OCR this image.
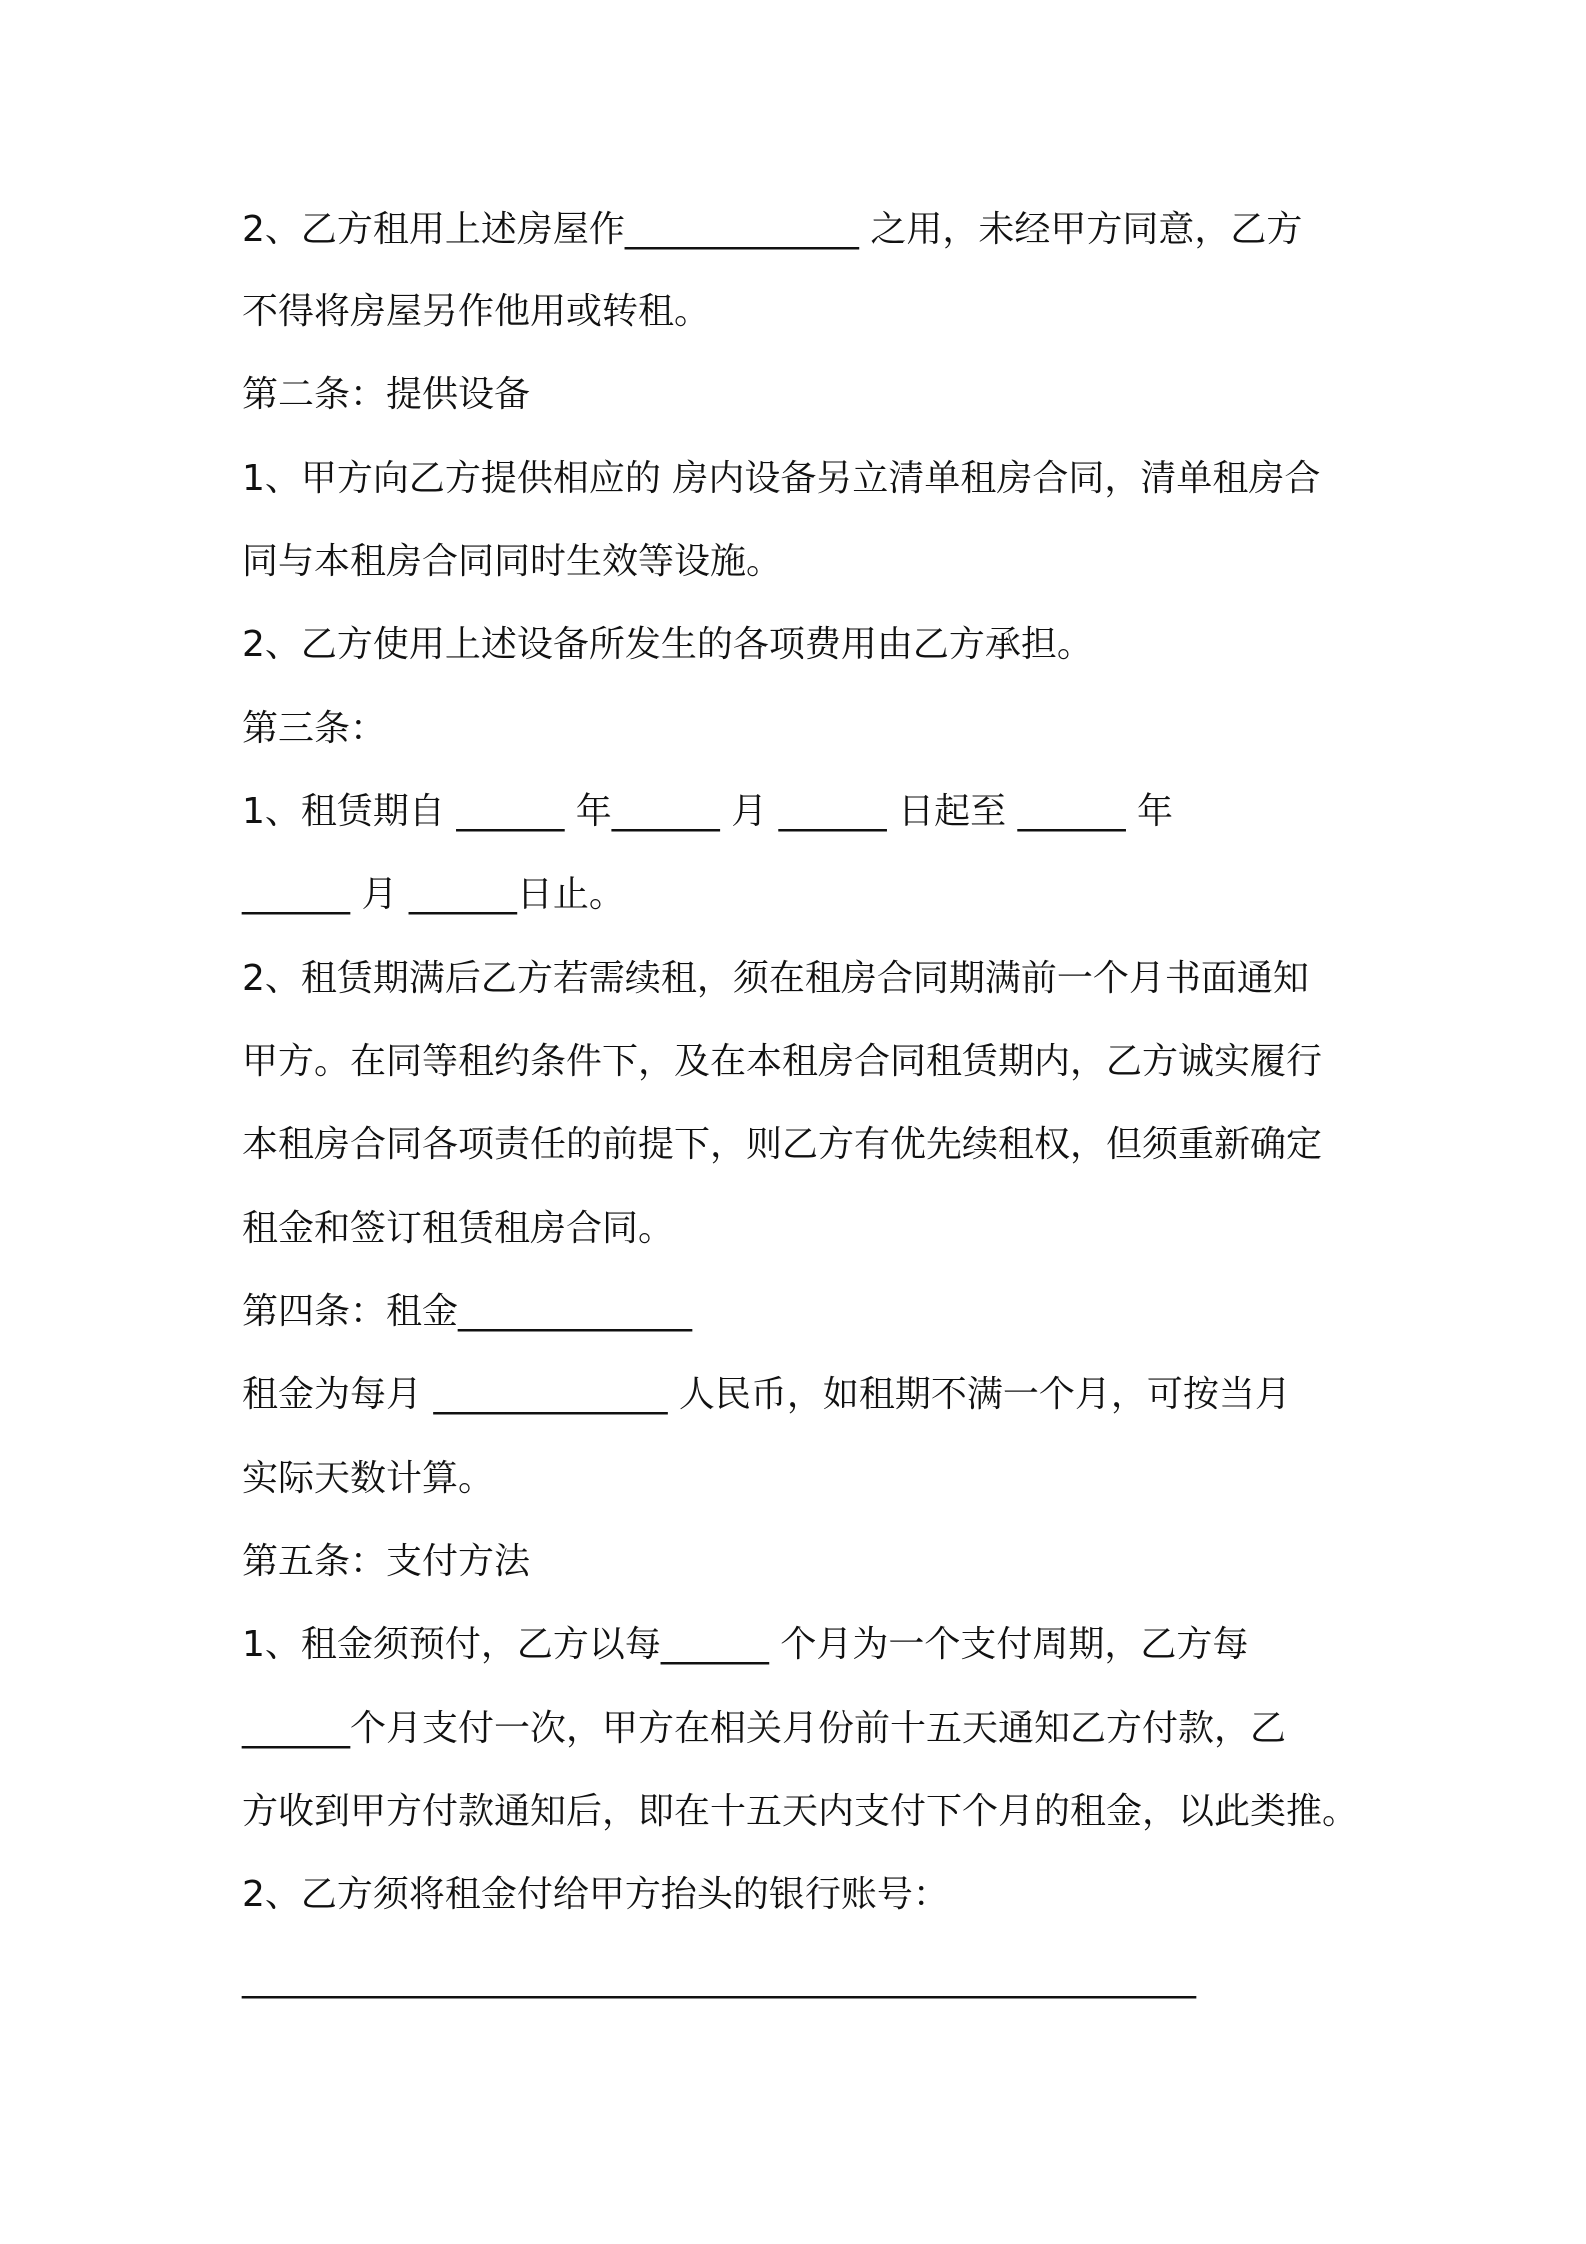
2、乙方租用上述房屋作_____________ 之用，未经甲方同意，乙方

不得将房屋另作他用或转租。

第二条：提供设备

1、甲方向乙方提供相应的 房内设备另立清单租房合同，清单租房合

同与本租房合同同时生效等设施。

2、乙方使用上述设备所发生的各项费用由乙方承担。

第三条：

1、租赁期自 ______ 年______ 月 ______ 日起至 ______ 年

______ 月 ______日止。

2、租赁期满后乙方若需续租，须在租房合同期满前一个月书面通知

甲方。在同等租约条件下，及在本租房合同租赁期内，乙方诚实履行

本租房合同各项责任的前提下，则乙方有优先续租权，但须重新确定

租金和签订租赁租房合同。

第四条：租金_____________

租金为每月 _____________ 人民币，如租期不满一个月，可按当月

实际天数计算。

第五条：支付方法

1、租金须预付，乙方以每______ 个月为一个支付周期，乙方每

______个月支付一次，甲方在相关月份前十五天通知乙方付款，乙

方收到甲方付款通知后，即在十五天内支付下个月的租金，以此类推。

2、乙方须将租金付给甲方抬头的银行账号：

_____________________________________________________
